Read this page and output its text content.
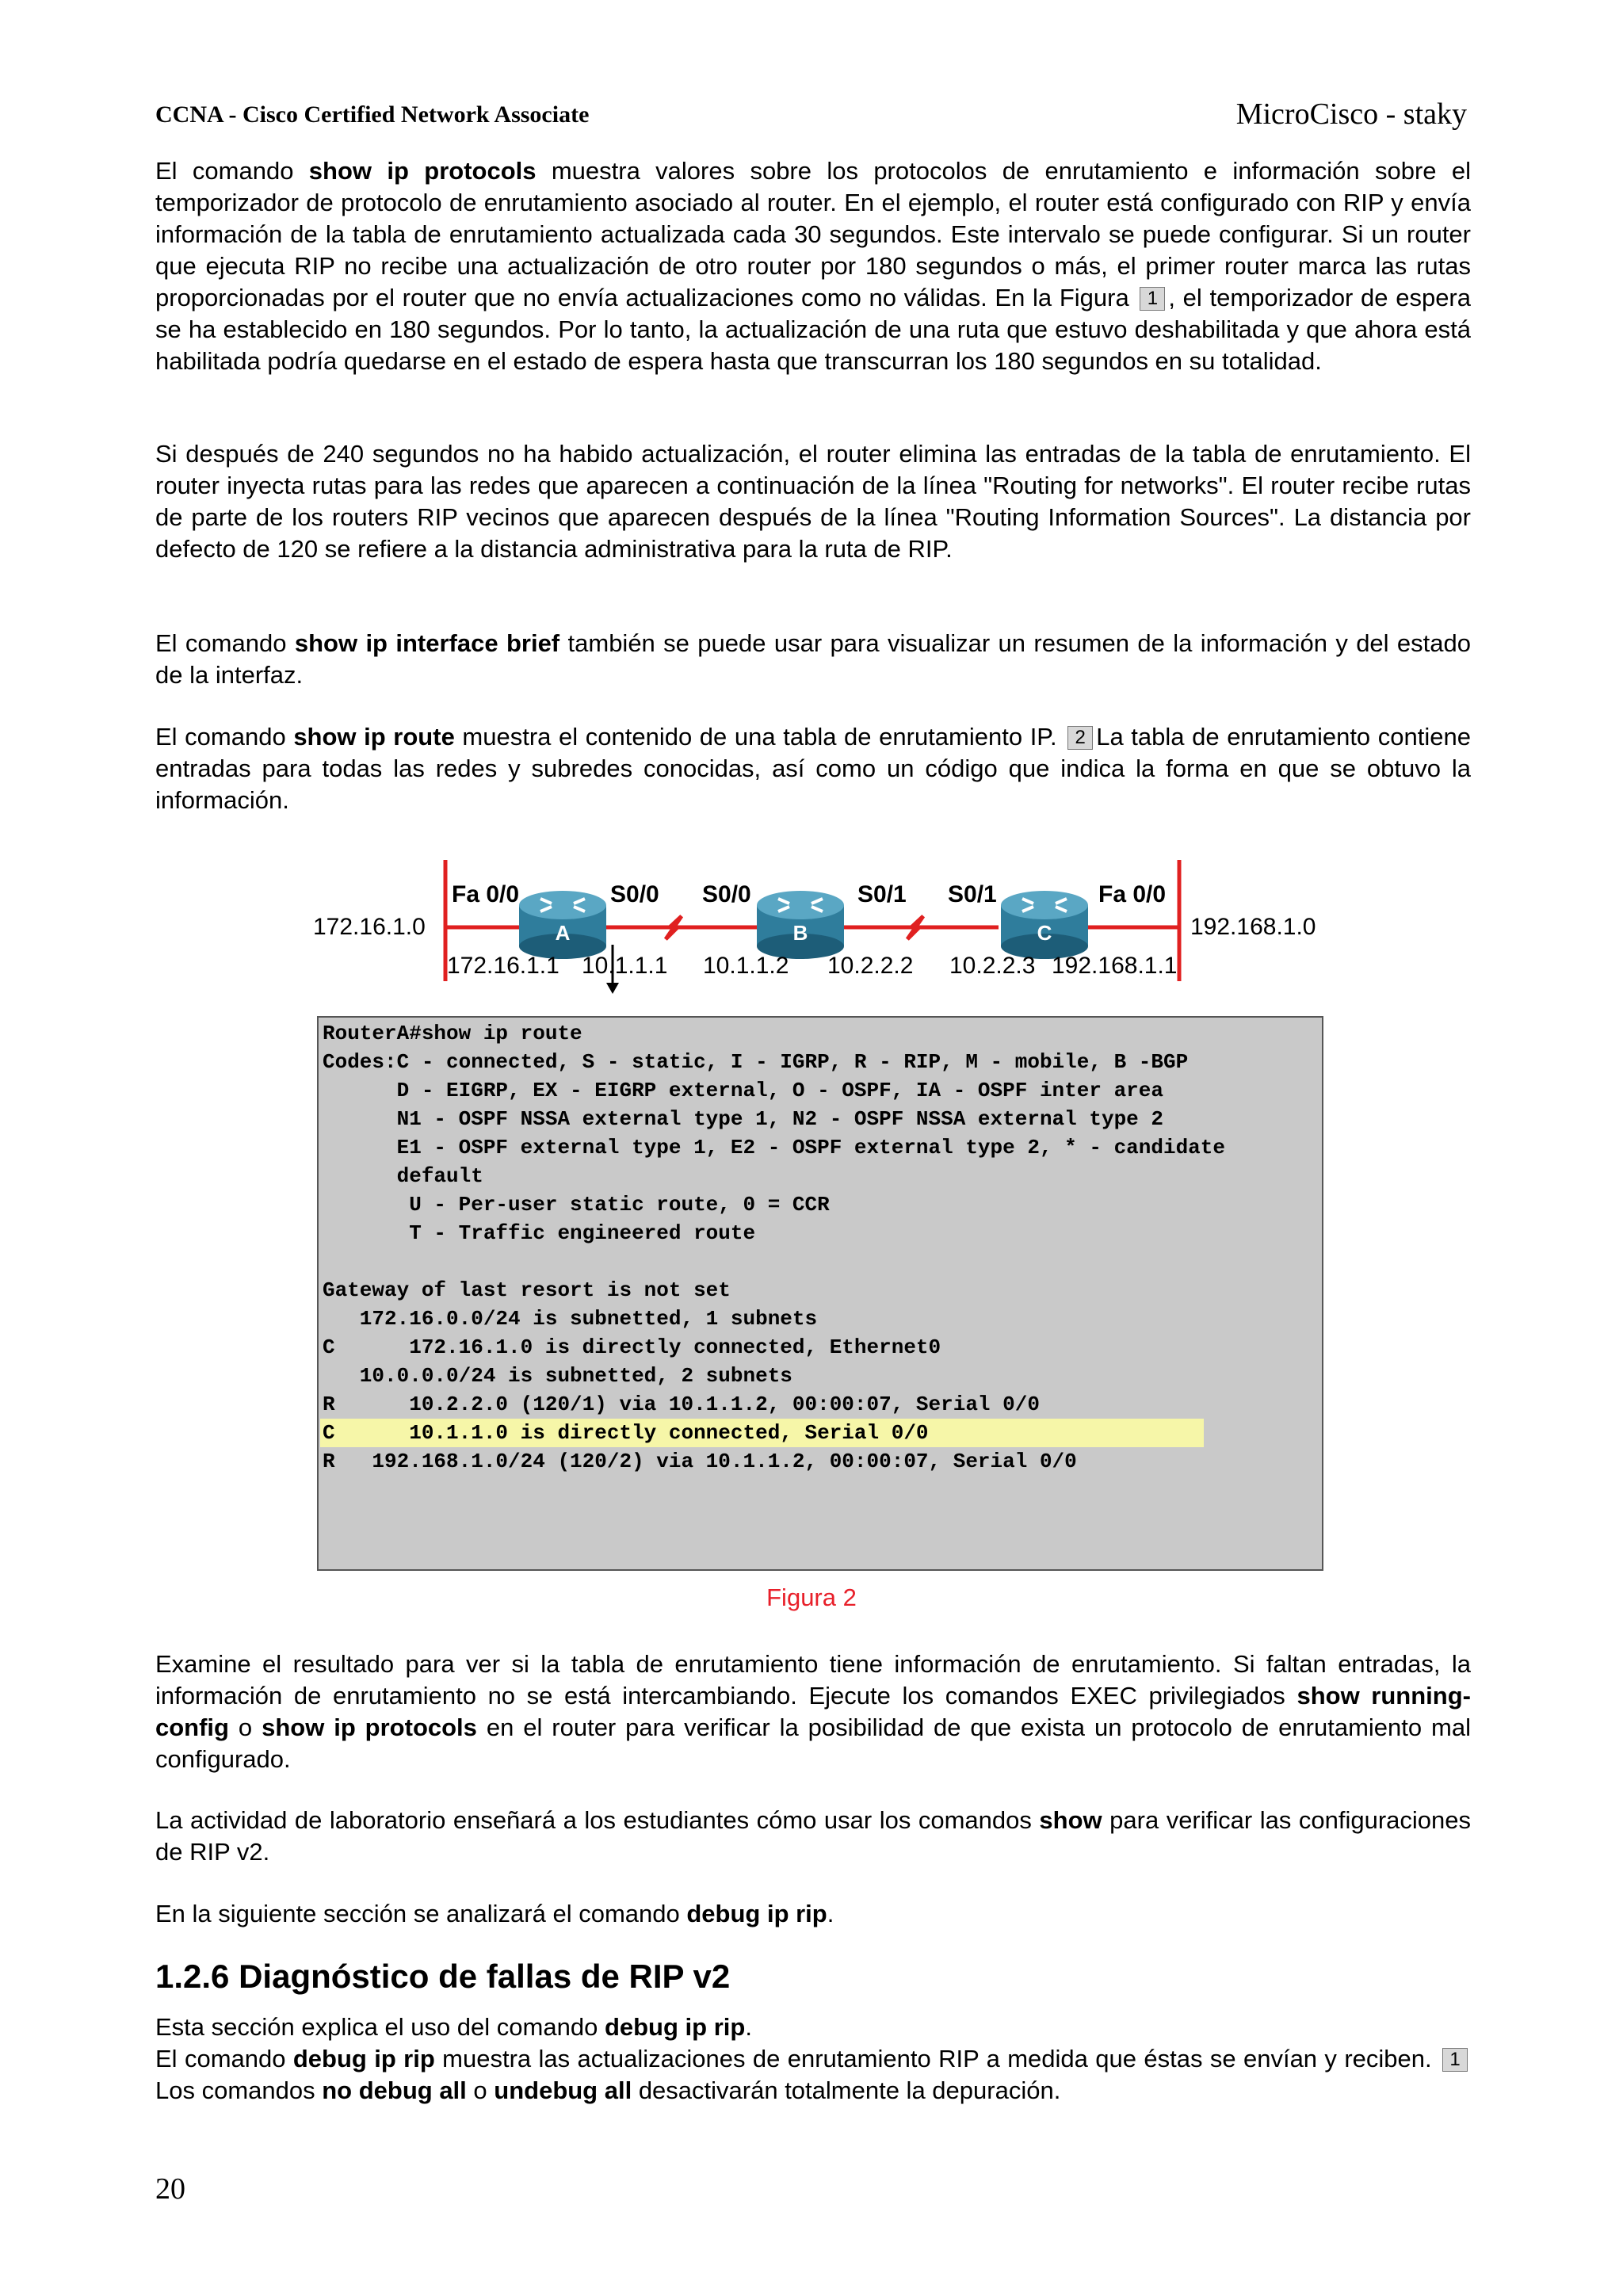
CCNA - Cisco Certified Network Associate	MicroCisco - staky

El comando show ip protocols muestra valores sobre los protocolos de enrutamiento e información sobre el temporizador de protocolo de enrutamiento asociado al router. En el ejemplo, el router está configurado con RIP y envía información de la tabla de enrutamiento actualizada cada 30 segundos. Este intervalo se puede configurar. Si un router que ejecuta RIP no recibe una actualización de otro router por 180 segundos o más, el primer router marca las rutas proporcionadas por el router que no envía actualizaciones como no válidas. En la Figura 1 , el temporizador de espera se ha establecido en 180 segundos. Por lo tanto, la actualización de una ruta que estuvo deshabilitada y que ahora está habilitada podría quedarse en el estado de espera hasta que transcurran los 180 segundos en su totalidad.

Si después de 240 segundos no ha habido actualización, el router elimina las entradas de la tabla de enrutamiento. El router inyecta rutas para las redes que aparecen a continuación de la línea "Routing for networks". El router recibe rutas de parte de los routers RIP vecinos que aparecen después de la línea "Routing Information Sources". La distancia por defecto de 120 se refiere a la distancia administrativa para la ruta de RIP.

El comando show ip interface brief también se puede usar para visualizar un resumen de la información y del estado de la interfaz.

El comando show ip route muestra el contenido de una tabla de enrutamiento IP. 2 La tabla de enrutamiento contiene entradas para todas las redes y subredes conocidas, así como un código que indica la forma en que se obtuvo la información.

A	B	C
172.16.1.0	192.168.1.0
Fa 0/0	S0/0 S0/0	S0/1 S0/1	Fa 0/0
172.16.1.1 10.1.1.1 10.1.1.2 10.2.2.2 10.2.2.3 192.168.1.1
RouterA#show ip route
Codes:C - connected, S - static, I - IGRP, R - RIP, M - mobile, B -BGP
D - EIGRP, EX - EIGRP external, O - OSPF, IA - OSPF inter area
N1 - OSPF NSSA external type 1, N2 - OSPF NSSA external type 2
E1 - OSPF external type 1, E2 - OSPF external type 2, * - candidate
default
U - Per-user static route, 0 = CCR
T - Traffic engineered route
Gateway of last resort is not set
172.16.0.0/24 is subnetted, 1 subnets
C      172.16.1.0 is directly connected, Ethernet0
10.0.0.0/24 is subnetted, 2 subnets
R      10.2.2.0 (120/1) via 10.1.1.2, 00:00:07, Serial 0/0
C      10.1.1.0 is directly connected, Serial 0/0
R   192.168.1.0/24 (120/2) via 10.1.1.2, 00:00:07, Serial 0/0
Figura 2

Examine el resultado para ver si la tabla de enrutamiento tiene información de enrutamiento. Si faltan entradas, la información de enrutamiento no se está intercambiando. Ejecute los comandos EXEC privilegiados show running-config o show ip protocols en el router para verificar la posibilidad de que exista un protocolo de enrutamiento mal configurado.

La actividad de laboratorio enseñará a los estudiantes cómo usar los comandos show para verificar las configuraciones de RIP v2.

En la siguiente sección se analizará el comando debug ip rip.

1.2.6 Diagnóstico de fallas de RIP v2

Esta sección explica el uso del comando debug ip rip.
El comando debug ip rip muestra las actualizaciones de enrutamiento RIP a medida que éstas se envían y reciben. 1Los comandos no debug all o undebug all desactivarán totalmente la depuración.

20
